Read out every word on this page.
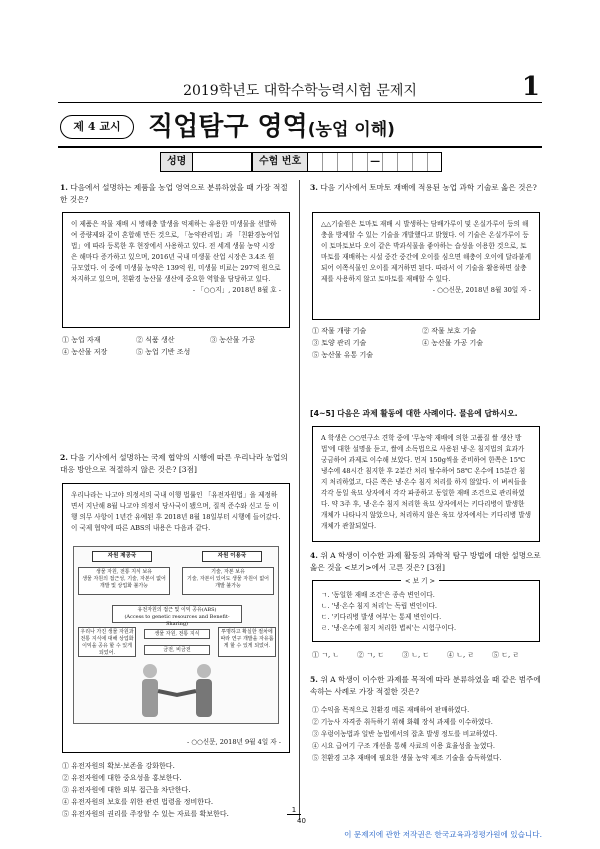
2019학년도 대학수학능력시험 문제지	1
제 4 교시	직업탐구 영역(농업 이해)
성명	수험 번호	—
1. 다음에서 설명하는 제품을 농업 영역으로 분류하였을 때 가장 적절한 것은?
이 제품은 작물 재배 시 병해충 발생을 억제하는 유용한 미생물을 선발하여 증량제와 같이 혼합해 만든 것으로, 「농약관리법」과 「친환경농어업법」에 따라 등록한 후 현장에서 사용하고 있다. 전 세계 생물 농약 시장은 해마다 증가하고 있으며, 2016년 국내 미생물 산업 시장은 3.4조 원 규모였다. 이 중에 미생물 농약은 139억 원, 미생물 비료는 297억 원으로 차지하고 있으며, 친환경 농산물 생산에 중요한 역할을 담당하고 있다.
- 「○○지」, 2018년 8월 호 -
① 농업 자재	② 식품 생산	③ 농산물 가공
④ 농산물 저장	⑤ 농업 기반 조성
2. 다음 기사에서 설명하는 국제 협약의 시행에 따른 우리나라 농업의 대응 방안으로 적절하지 않은 것은? [3점]
우리나라는 나고야 의정서의 국내 이행 법률인 「유전자원법」을 제정하면서 지난해 8월 나고야 의정서 당사국이 됐으며, 질적 준수와 신고 등 이행 의무 사항이 1년간 유예된 후 2018년 8월 18일부터 시행에 들어갔다. 이 국제 협약에 따른 ABS의 내용은 다음과 같다.
자원 제공국	자원 이용국
생물 자원, 전통 지식 보유
생물 자원의 접근성, 기술, 자본이 없어 개발 및 상업화 불가능
기술, 자본 보유
기술, 자본이 있어도 생물 자원이 없어 개발 불가능
유전자원의 접근 및 이익 공유(ABS)
(Access to genetic resources and Benefit-Sharing)
생물 자원, 전통 지식
금전, 비금전
우리나 가진 생물 자원과 전통 지식에 대해 상업화 이익을 공유 할 수 있게 되었어.
투명하고 확실한 절차에 따라 연구 개발을 자유롭게 할 수 있게 되었어.
- ○○신문, 2018년 9월 4일 자 -
① 유전자원의 확보·보존을 강화한다.
② 유전자원에 대한 중요성을 홍보한다.
③ 유전자원에 대한 외부 접근을 차단한다.
④ 유전자원의 보호를 위한 관련 법령을 정비한다.
⑤ 유전자원의 권리를 주장할 수 있는 자료를 확보한다.
3. 다음 기사에서 토마토 재배에 적용된 농업 과학 기술로 옳은 것은?
△△기술원은 토마토 재배 시 발생하는 담배가루이 및 온실가루이 등의 해충을 방제할 수 있는 기술을 개발했다고 밝혔다. 이 기술은 온실가루이 등이 토마토보다 오이 같은 박과식물을 좋아하는 습성을 이용한 것으로, 토마토를 재배하는 시설 중간 중간에 오이를 심으면 해충이 오이에 달라붙게 되어 이쪽식물인 오이를 제거하면 된다. 따라서 이 기술을 활용하면 살충제를 사용하지 않고 토마토를 재배할 수 있다.
- ○○신문, 2018년 8월 30일 자 -
① 작물 개량 기술	② 작물 보호 기술
③ 토양 관리 기술	④ 농산물 가공 기술
⑤ 농산물 유통 기술
[4~5] 다음은 과제 활동에 대한 사례이다. 물음에 답하시오.
A 학생은 ○○연구소 견학 중에 '무농약 재배에 의한 고품질 쌀 생산 방법'에 대한 설명을 듣고, 쌀에 소독법으로 사용된 냉·온 침지법의 효과가 궁금하여 과제로 이수해 보았다. 먼저 150g씩을 준비하여 한쪽은 15℃ 냉수에 48시간 침지한 후 2분간 처리 탈수하여 58℃ 온수에 15분간 침지 처리하였고, 다른 쪽은 냉·온수 침지 처리를 하지 않았다. 이 벼씨들을 각각 동일 육묘 상자에서 각각 파종하고 동일한 재배 조건으로 관리하였다. 약 3주 후, 냉·온수 침지 처리한 육묘 상자에서는 키다리병이 발생한 개체가 나타나지 않았으나, 처리하지 않은 육묘 상자에서는 키다리병 발생 개체가 관찰되었다.
4. 위 A 학생이 이수한 과제 활동의 과학적 탐구 방법에 대한 설명으로 옳은 것을 <보기>에서 고른 것은? [3점]
< 보 기 >
ㄱ. '동일한 재배 조건'은 종속 변인이다.
ㄴ. '냉·온수 침지 처리'는 독립 변인이다.
ㄷ. '키다리병 발생 여부'는 통제 변인이다.
ㄹ. '냉·온수에 침지 처리한 볍씨'는 시험구이다.
① ㄱ, ㄴ	② ㄱ, ㄷ	③ ㄴ, ㄷ	④ ㄴ, ㄹ	⑤ ㄷ, ㄹ
5. 위 A 학생이 이수한 과제를 목적에 따라 분류하였을 때 같은 범주에 속하는 사례로 가장 적절한 것은?
① 수익을 목적으로 친환경 메론 재배하여 판매하였다.
② 기능사 자격증 취득하기 위해 화훼 장식 과제를 이수하였다.
③ 우렁이농법과 일반 농법에서의 잡초 발생 정도를 비교하였다.
④ 시요 급여기 구조 개선을 통해 사료의 이용 효율성을 높였다.
⑤ 친환경 고추 재배에 필요한 생물 농약 제조 기술을 습득하였다.
1
40
이 문제지에 관한 저작권은 한국교육과정평가원에 있습니다.
